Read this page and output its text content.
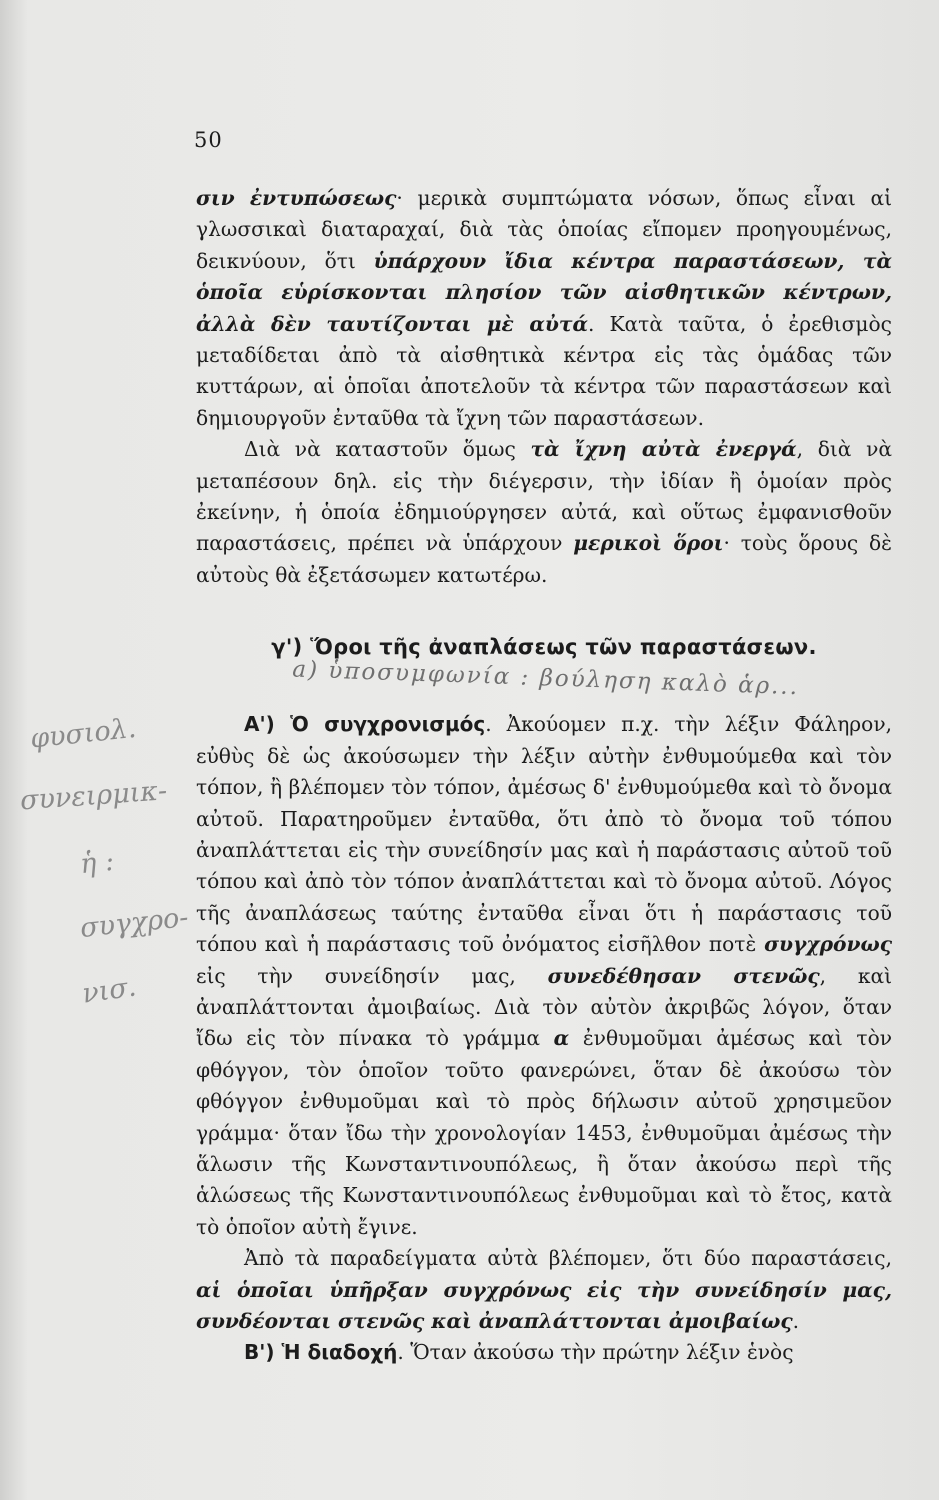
50
φυσιολ.
συνειρμικ-
ἡ :
συγχρο-
νισ.

σιν ἐντυπώσεως· μερικὰ συμπτώματα νόσων, ὅπως εἶναι αἱ γλωσσικαὶ διαταραχαί, διὰ τὰς ὁποίας εἴπομεν προηγουμένως, δεικνύουν, ὅτι ὑπάρχουν ἴδια κέντρα παραστάσεων, τὰ ὁποῖα εὑρίσκονται πλησίον τῶν αἰσθητικῶν κέντρων, ἀλλὰ δὲν ταυτίζονται μὲ αὐτά. Κατὰ ταῦτα, ὁ ἐρεθισμὸς μεταδίδεται ἀπὸ τὰ αἰσθητικὰ κέντρα εἰς τὰς ὁμάδας τῶν κυττάρων, αἱ ὁποῖαι ἀποτελοῦν τὰ κέντρα τῶν παραστάσεων καὶ δημιουργοῦν ἐνταῦθα τὰ ἴχνη τῶν παραστάσεων.

Διὰ νὰ καταστοῦν ὅμως τὰ ἴχνη αὐτὰ ἐνεργά, διὰ νὰ μεταπέσουν δηλ. εἰς τὴν διέγερσιν, τὴν ἰδίαν ἢ ὁμοίαν πρὸς ἐκείνην, ἡ ὁποία ἐδημιούργησεν αὐτά, καὶ οὕτως ἐμφανισθοῦν παραστάσεις, πρέπει νὰ ὑπάρχουν μερικοὶ ὅροι· τοὺς ὅρους δὲ αὐτοὺς θὰ ἐξετάσωμεν κατωτέρω.

γ') Ὅροι τῆς ἀναπλάσεως τῶν παραστάσεων.
a) ὑποσυμφωνία : βούληση καλὸ ἁρ...

Α') Ὁ συγχρονισμός. Ἀκούομεν π.χ. τὴν λέξιν Φάληρον, εὐθὺς δὲ ὡς ἀκούσωμεν τὴν λέξιν αὐτὴν ἐνθυμούμεθα καὶ τὸν τόπον, ἢ βλέπομεν τὸν τόπον, ἀμέσως δ' ἐνθυμούμεθα καὶ τὸ ὄνομα αὐτοῦ. Παρατηροῦμεν ἐνταῦθα, ὅτι ἀπὸ τὸ ὄνομα τοῦ τόπου ἀναπλάττεται εἰς τὴν συνείδησίν μας καὶ ἡ παράστασις αὐτοῦ τοῦ τόπου καὶ ἀπὸ τὸν τόπον ἀναπλάττεται καὶ τὸ ὄνομα αὐτοῦ. Λόγος τῆς ἀναπλάσεως ταύτης ἐνταῦθα εἶναι ὅτι ἡ παράστασις τοῦ τόπου καὶ ἡ παράστασις τοῦ ὀνόματος εἰσῆλθον ποτὲ συγχρόνως εἰς τὴν συνείδησίν μας, συνεδέθησαν στενῶς, καὶ ἀναπλάττονται ἀμοιβαίως. Διὰ τὸν αὐτὸν ἀκριβῶς λόγον, ὅταν ἴδω εἰς τὸν πίνακα τὸ γράμμα α ἐνθυμοῦμαι ἀμέσως καὶ τὸν φθόγγον, τὸν ὁποῖον τοῦτο φανερώνει, ὅταν δὲ ἀκούσω τὸν φθόγγον ἐνθυμοῦμαι καὶ τὸ πρὸς δήλωσιν αὐτοῦ χρησιμεῦον γράμμα· ὅταν ἴδω τὴν χρονολογίαν 1453, ἐνθυμοῦμαι ἀμέσως τὴν ἅλωσιν τῆς Κωνσταντινουπόλεως, ἢ ὅταν ἀκούσω περὶ τῆς ἁλώσεως τῆς Κωνσταντινουπόλεως ἐνθυμοῦμαι καὶ τὸ ἔτος, κατὰ τὸ ὁποῖον αὐτὴ ἔγινε.

Ἀπὸ τὰ παραδείγματα αὐτὰ βλέπομεν, ὅτι δύο παραστάσεις, αἱ ὁποῖαι ὑπῆρξαν συγχρόνως εἰς τὴν συνείδησίν μας, συνδέονται στενῶς καὶ ἀναπλάττονται ἀμοιβαίως.

Β') Ἡ διαδοχή. Ὅταν ἀκούσω τὴν πρώτην λέξιν ἑνὸς
